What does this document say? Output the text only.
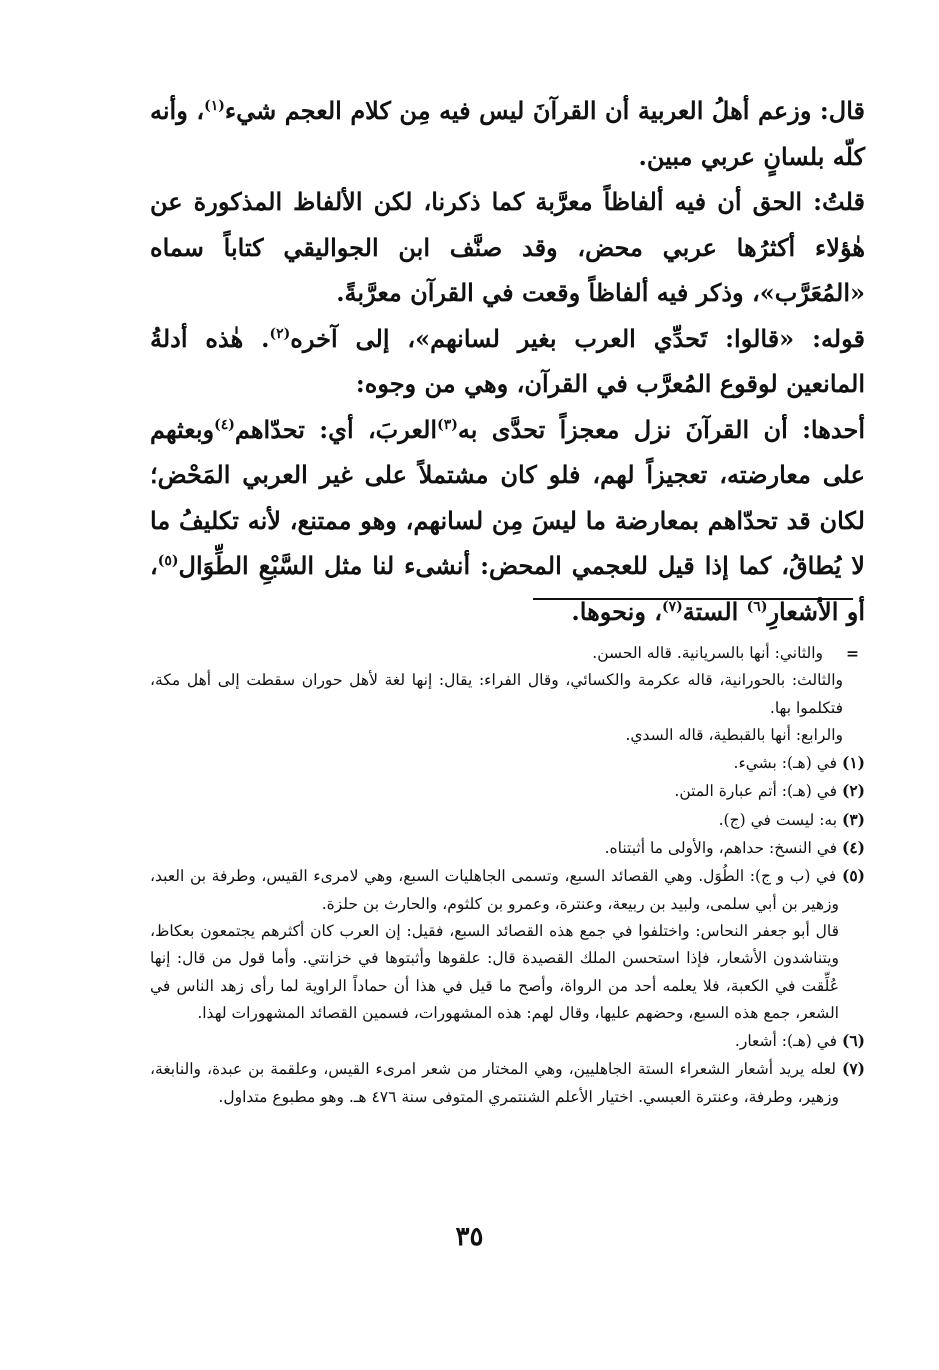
قال: وزعم أهلُ العربية أن القرآنَ ليس فيه مِن كلام العجم شيء$^{(١)}$، وأنه كلّه بلسانٍ عربي مبين.

قلتُ: الحق أن فيه ألفاظاً معرَّبة كما ذكرنا، لكن الألفاظ المذكورة عن هٰؤلاء أكثرُها عربي محض، وقد صنَّف ابن الجواليقي كتاباً سماه «المُعَرَّب»، وذكر فيه ألفاظاً وقعت في القرآن معرَّبةً.

قوله: «قالوا: تَحدِّي العرب بغير لسانهم»، إلى آخره$^{(٢)}$. هٰذه أدلةُ المانعين لوقوع المُعرَّب في القرآن، وهي من وجوه:

أحدها: أن القرآنَ نزل معجزاً تحدَّى به$^{(٣)}$العربَ، أي: تحدّاهم$^{(٤)}$وبعثهم على معارضته، تعجيزاً لهم، فلو كان مشتملاً على غير العربي المَحْض؛ لكان قد تحدّاهم بمعارضة ما ليسَ مِن لسانهم، وهو ممتنع، لأنه تكليفُ ما لا يُطاقُ، كما إذا قيل للعجمي المحض: أنشىء لنا مثل السَّبْعِ الطِّوَال$^{(٥)}$، أو الأشعارِ$^{(٦)}$ الستة$^{(٧)}$، ونحوها.

=
والثاني: أنها بالسريانية. قاله الحسن.

والثالث: بالحورانية، قاله عكرمة والكسائي، وقال الفراء: يقال: إنها لغة لأهل حوران سقطت إلى أهل مكة، فتكلموا بها.

والرابع: أنها بالقبطية، قاله السدي.

(١) في (هـ): بشيء.

(٢) في (هـ): أتم عبارة المتن.

(٣) به: ليست في (ج).

(٤) في النسخ: حداهم، والأولى ما أثبتناه.

(٥) في (ب و ج): الطُوَل. وهي القصائد السبع، وتسمى الجاهليات السبع، وهي لامرىء القيس، وطرفة بن العبد، وزهير بن أبي سلمى، ولبيد بن ربيعة، وعنترة، وعمرو بن كلثوم، والحارث بن حلزة.

قال أبو جعفر النحاس: واختلفوا في جمع هذه القصائد السبع، فقيل: إن العرب كان أكثرهم يجتمعون بعكاظ، ويتناشدون الأشعار، فإذا استحسن الملك القصيدة قال: علقوها وأثبتوها في خزانتي. وأما قول من قال: إنها عُلِّقت في الكعبة، فلا يعلمه أحد من الرواة، وأصح ما قيل في هذا أن حماداً الراوية لما رأى زهد الناس في الشعر، جمع هذه السبع، وحضهم عليها، وقال لهم: هذه المشهورات، فسمين القصائد المشهورات لهذا.

(٦) في (هـ): أشعار.

(٧) لعله يريد أشعار الشعراء الستة الجاهليين، وهي المختار من شعر امرىء القيس، وعلقمة بن عبدة، والنابغة، وزهير، وطرفة، وعنترة العبسي. اختيار الأعلم الشنتمري المتوفى سنة ٤٧٦ هـ. وهو مطبوع متداول.

٣٥
